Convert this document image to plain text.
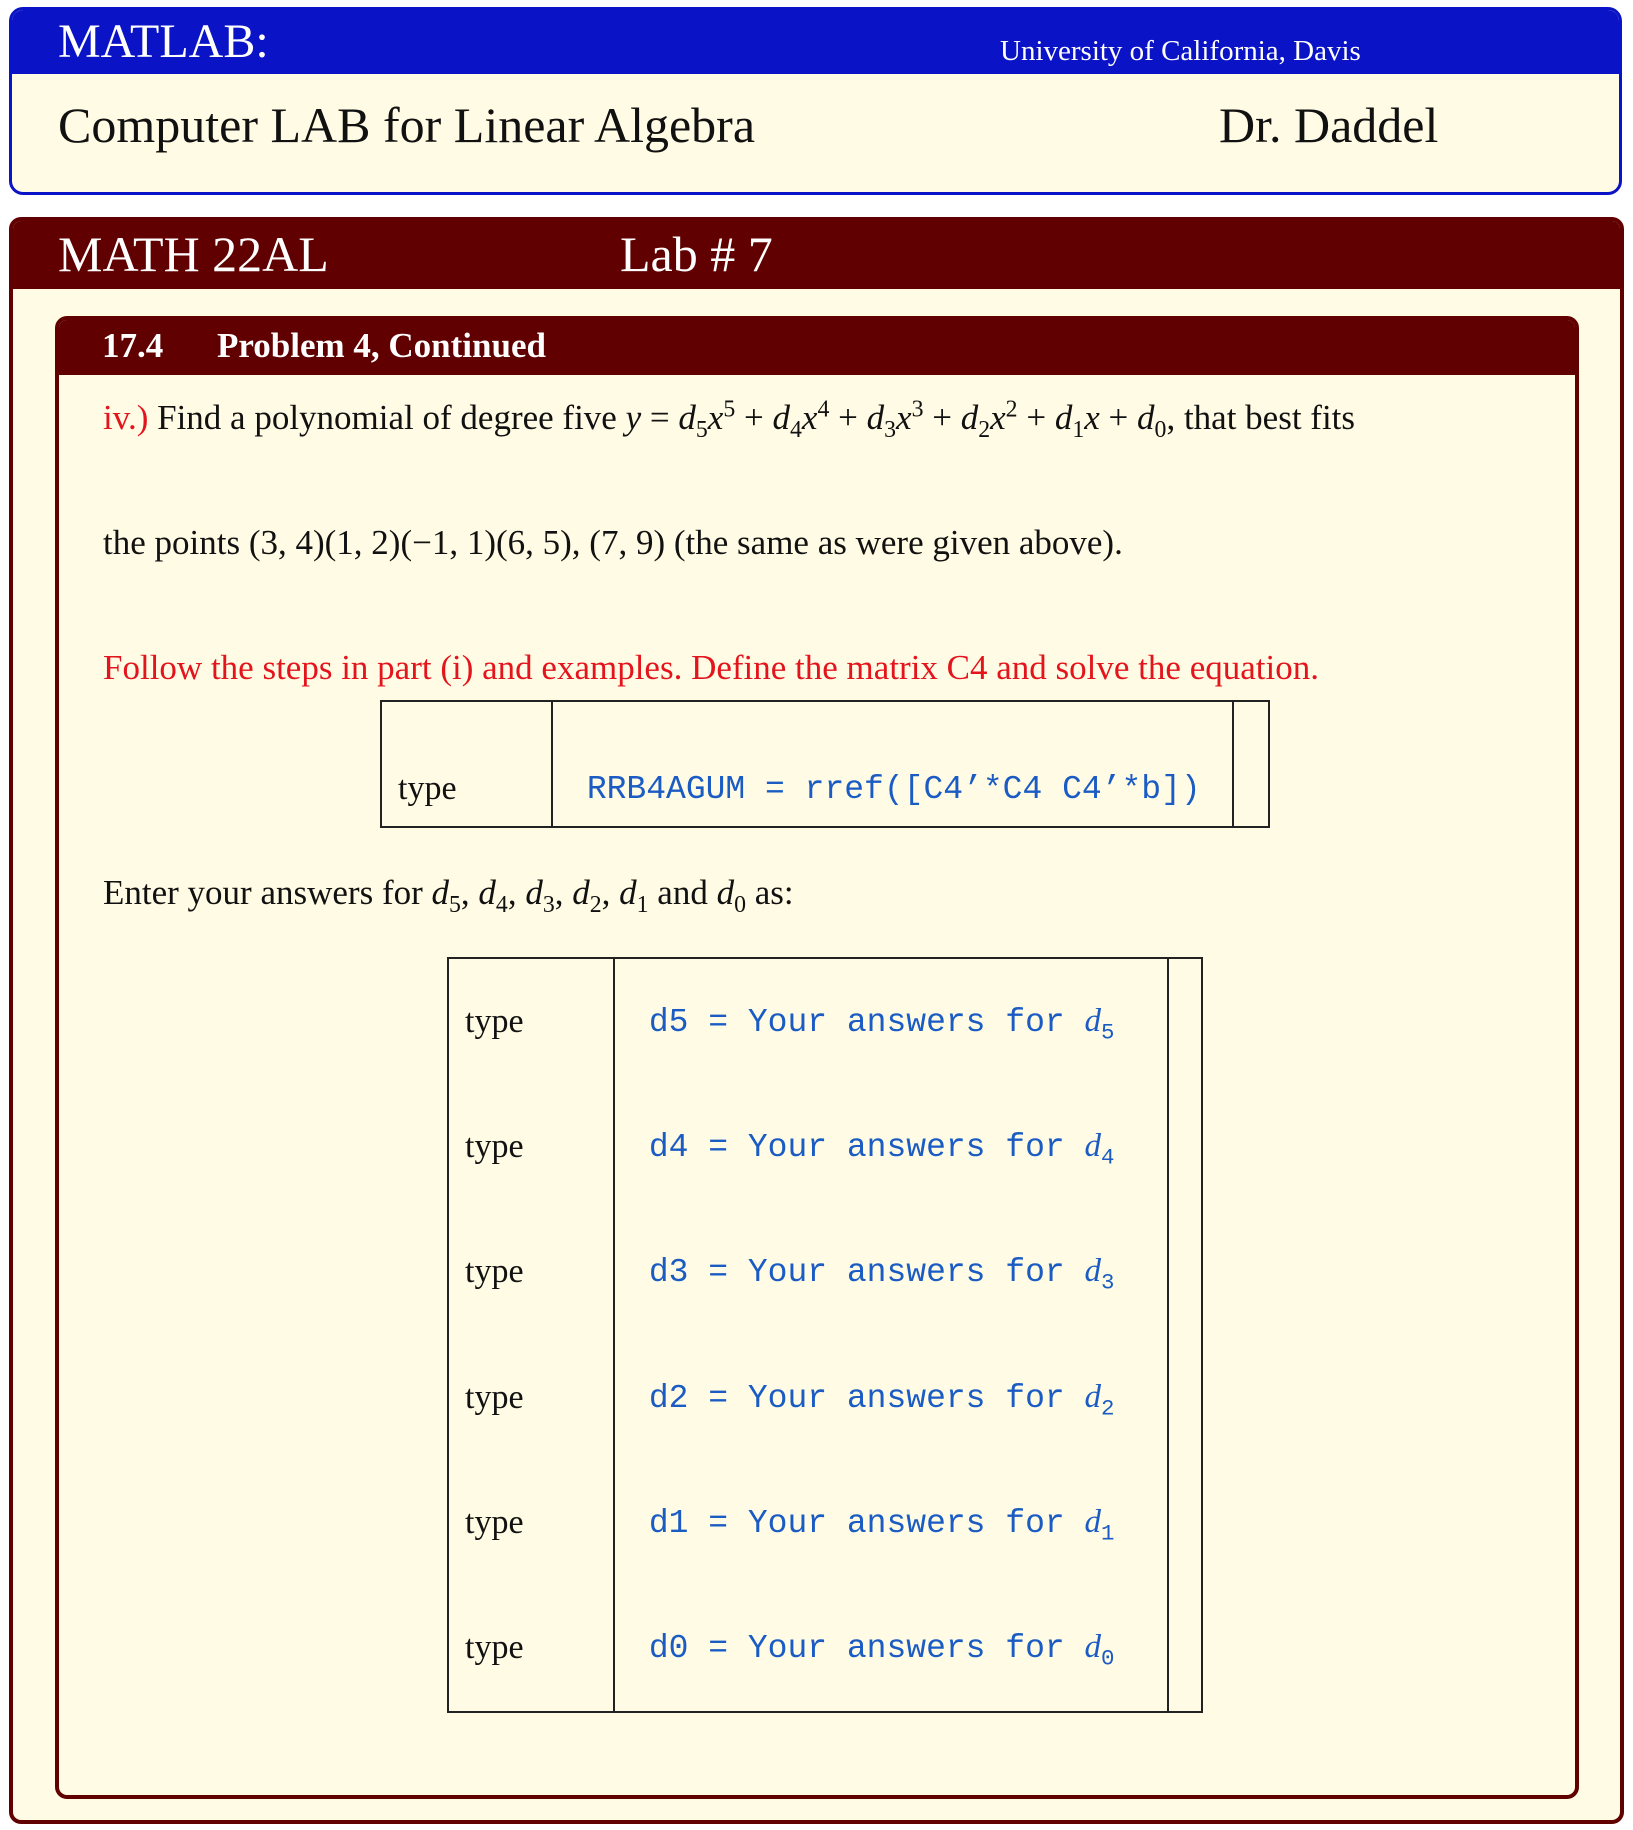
MATLAB:	University of California, Davis
Computer LAB for Linear Algebra	Dr. Daddel
MATH 22AL	Lab # 7
17.4 Problem 4, Continued
iv.) Find a polynomial of degree five $y = d_5x^5 + d_4x^4 + d_3x^3 + d_2x^2 + d_1x + d_0$, that best fits
the points (3, 4)(1, 2)(−1, 1)(6, 5), (7, 9) (the same as were given above).
Follow the steps in part (i) and examples. Define the matrix C4 and solve the equation.
type	RRB4AGUM = rref([C4’*C4 C4’*b])	
Enter your answers for $d_5$, $d_4$, $d_3$, $d_2$, $d_1$ and $d_0$ as:
type	d5 = Your answers for $d_5$	
type	d4 = Your answers for $d_4$	
type	d3 = Your answers for $d_3$	
type	d2 = Your answers for $d_2$	
type	d1 = Your answers for $d_1$	
type	d0 = Your answers for $d_0$	
